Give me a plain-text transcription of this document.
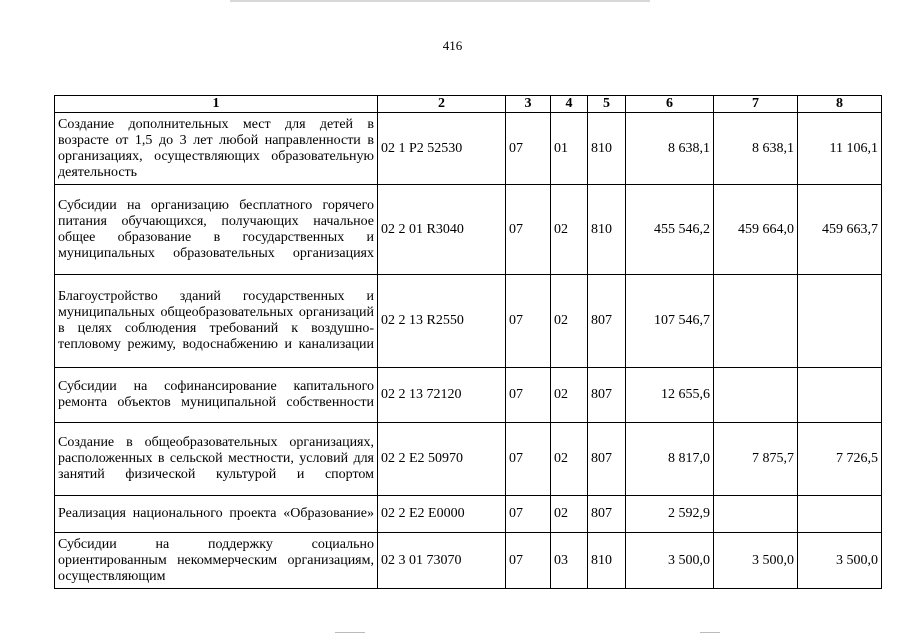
416
1	2	3	4	5	6	7	8
Создание дополнительных мест для детей в возрасте от 1,5 до 3 лет любой направленности в организациях, осуществляющих образовательную деятельность	02 1 P2 52530	07	01	810	8 638,1	8 638,1	11 106,1
Субсидии на организацию бесплатного горячего питания обучающихся, получающих начальное общее образование в государственных и муниципальных образовательных организациях	02 2 01 R3040	07	02	810	455 546,2	459 664,0	459 663,7
Благоустройство зданий государственных и муниципальных общеобразовательных организаций в целях соблюдения требований к воздушно-тепловому режиму, водоснабжению и канализации	02 2 13 R2550	07	02	807	107 546,7		
Субсидии на софинансирование капитального ремонта объектов муниципальной собственности	02 2 13 72120	07	02	807	12 655,6		
Создание в общеобразовательных организациях, расположенных в сельской местности, условий для занятий физической культурой и спортом	02 2 E2 50970	07	02	807	8 817,0	7 875,7	7 726,5
Реализация национального проекта «Образование»	02 2 E2 E0000	07	02	807	2 592,9		
Субсидии на поддержку социально ориентированным некоммерческим организациям, осуществляющим	02 3 01 73070	07	03	810	3 500,0	3 500,0	3 500,0
